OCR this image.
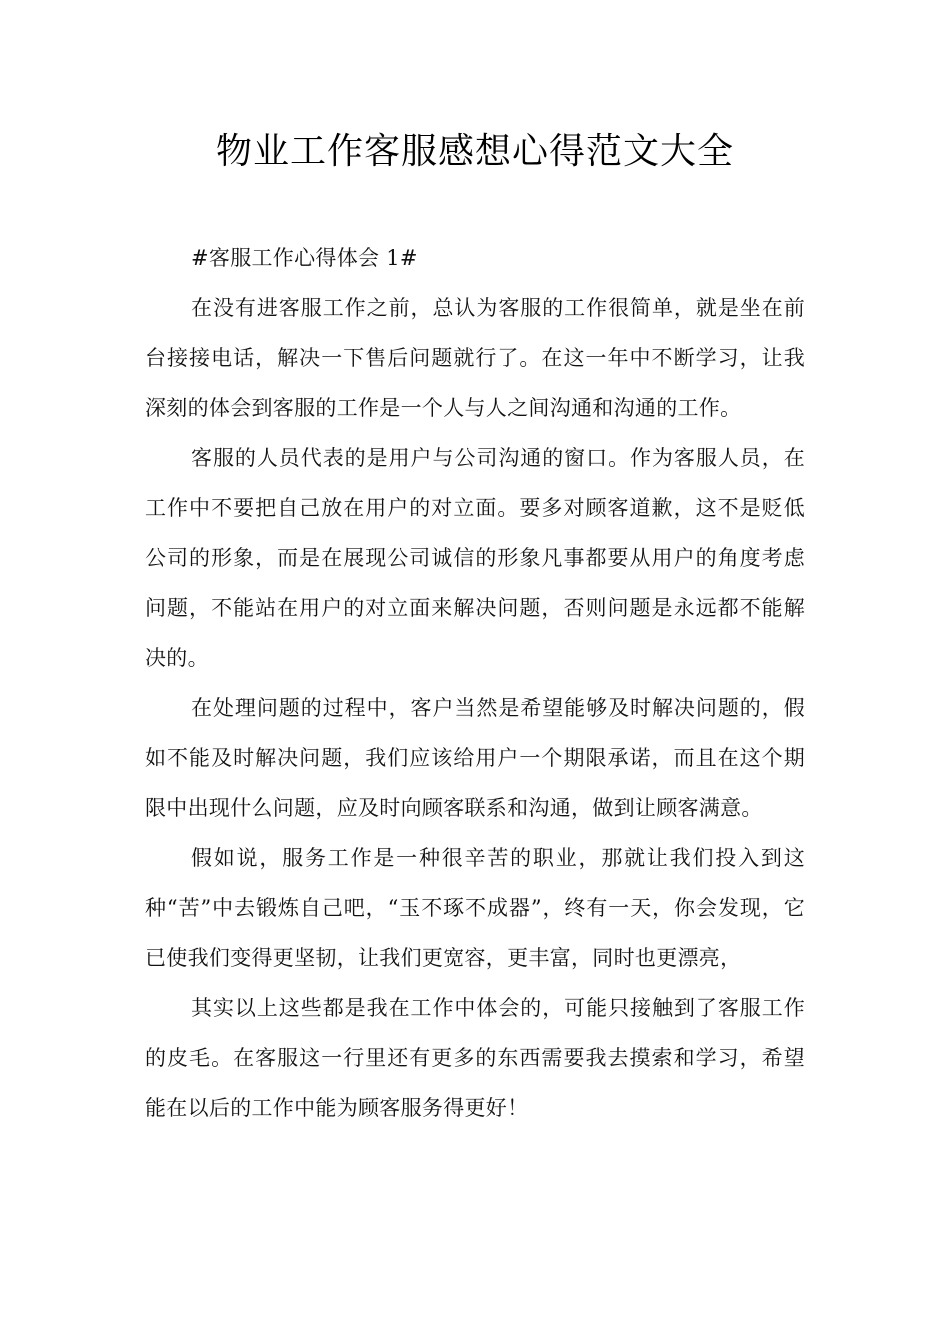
物业工作客服感想心得范文大全

#客服工作心得体会 1#

在没有进客服工作之前，总认为客服的工作很简单，就是坐在前台接接电话，解决一下售后问题就行了。在这一年中不断学习，让我深刻的体会到客服的工作是一个人与人之间沟通和沟通的工作。

客服的人员代表的是用户与公司沟通的窗口。作为客服人员，在工作中不要把自己放在用户的对立面。要多对顾客道歉，这不是贬低公司的形象，而是在展现公司诚信的形象凡事都要从用户的角度考虑问题，不能站在用户的对立面来解决问题，否则问题是永远都不能解决的。

在处理问题的过程中，客户当然是希望能够及时解决问题的，假如不能及时解决问题，我们应该给用户一个期限承诺，而且在这个期限中出现什么问题，应及时向顾客联系和沟通，做到让顾客满意。

假如说，服务工作是一种很辛苦的职业，那就让我们投入到这种“苦”中去锻炼自己吧，“玉不琢不成器”，终有一天，你会发现，它已使我们变得更坚韧，让我们更宽容，更丰富，同时也更漂亮，

其实以上这些都是我在工作中体会的，可能只接触到了客服工作的皮毛。在客服这一行里还有更多的东西需要我去摸索和学习，希望能在以后的工作中能为顾客服务得更好！
